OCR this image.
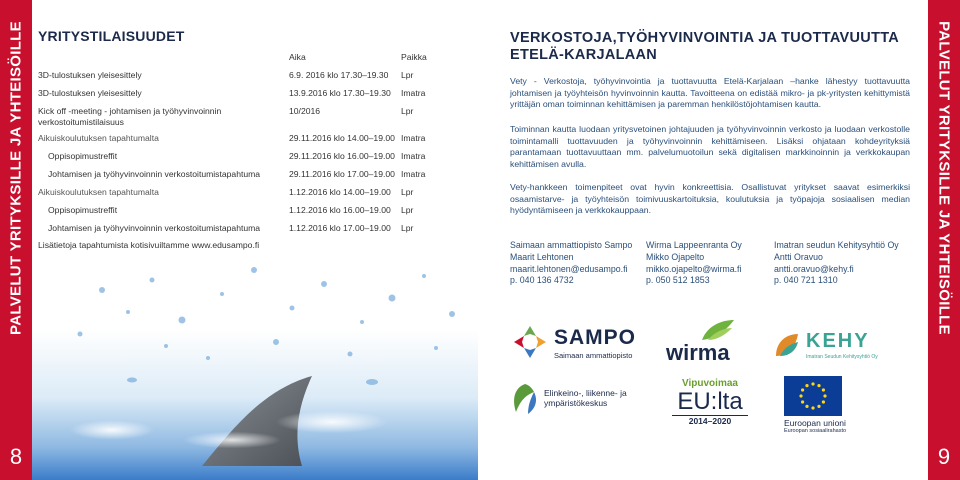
PALVELUT YRITYKSILLE JA YHTEISÖILLE
8
YRITYSTILAISUUDET
Aika	Paikka
3D-tulostuksen yleisesittely	6.9. 2016 klo 17.30–19.30 Lpr
3D-tulostuksen yleisesittely	13.9.2016 klo 17.30–19.30 Imatra
Kick off -meeting - johtamisen ja työhyvinvoinnin verkostoitumistilaisuus
10/2016	Lpr
Aikuiskoulutuksen tapahtumalta	29.11.2016 klo 14.00–19.00 Imatra
Oppisopimustreffit	29.11.2016 klo 16.00–19.00 Imatra
Johtamisen ja työhyvinvoinnin verkostoitumistapahtuma	29.11.2016 klo 17.00–19.00 Imatra
Aikuiskoulutuksen tapahtumalta	1.12.2016 klo 14.00–19.00 Lpr
Oppisopimustreffit	1.12.2016 klo 16.00–19.00 Lpr
Johtamisen ja työhyvinvoinnin verkostoitumistapahtuma	1.12.2016 klo 17.00–19.00 Lpr
Lisätietoja tapahtumista kotisivuiltamme www.edusampo.fi
VERKOSTOJA,TYÖHYVINVOINTIA JA TUOTTAVUUTTA ETELÄ-KARJALAAN
Vety - Verkostoja, työhyvinvointia ja tuottavuutta Etelä-Karjalaan –hanke lähestyy tuottavuutta johtamisen ja työyhteisön hyvinvoinnin kautta. Tavoitteena on edistää mikro- ja pk-yritysten kehittymistä yrittäjän oman toiminnan kehittämisen ja paremman henkilöstöjohtamisen kautta.
Toiminnan kautta luodaan yritysvetoinen johtajuuden ja työhyvinvoinnin verkosto ja luodaan verkostolle toimintamalli tuottavuuden ja työhyvinvoinnin kehittämiseen. Lisäksi ohjataan kohdeyrityksiä parantamaan tuottavuuttaan mm. palvelumuotoilun sekä digitalisen markkinoinnin ja verkkokaupan kehittämisen avulla.
Vety-hankkeen toimenpiteet ovat hyvin konkreettisia. Osallistuvat yritykset saavat esimerkiksi osaamistarve- ja työyhteisön toimivuuskartoituksia, koulutuksia ja työpajoja sosiaalisen median hyödyntämiseen ja verkkokauppaan.
Saimaan ammattiopisto Sampo
Maarit Lehtonen
maarit.lehtonen@edusampo.fi
p. 040 136 4732
Wirma Lappeenranta Oy
Mikko Ojapelto
mikko.ojapelto@wirma.fi
p. 050 512 1853
Imatran seudun Kehitysyhtiö Oy
Antti Oravuo
antti.oravuo@kehy.fi
p. 040 721 1310
SAMPO
Saimaan ammattiopisto wirma	KEHY
Imatran Seudun Kehitysyhtiö Oy
Elinkeino-, liikenne- ja
ympäristökeskus
Vipuvoimaa
EU:lta
2014–2020	Euroopan unioni
Euroopan sosiaalirahasto
PALVELUT YRITYKSILLE JA YHTEISÖILLE
9
